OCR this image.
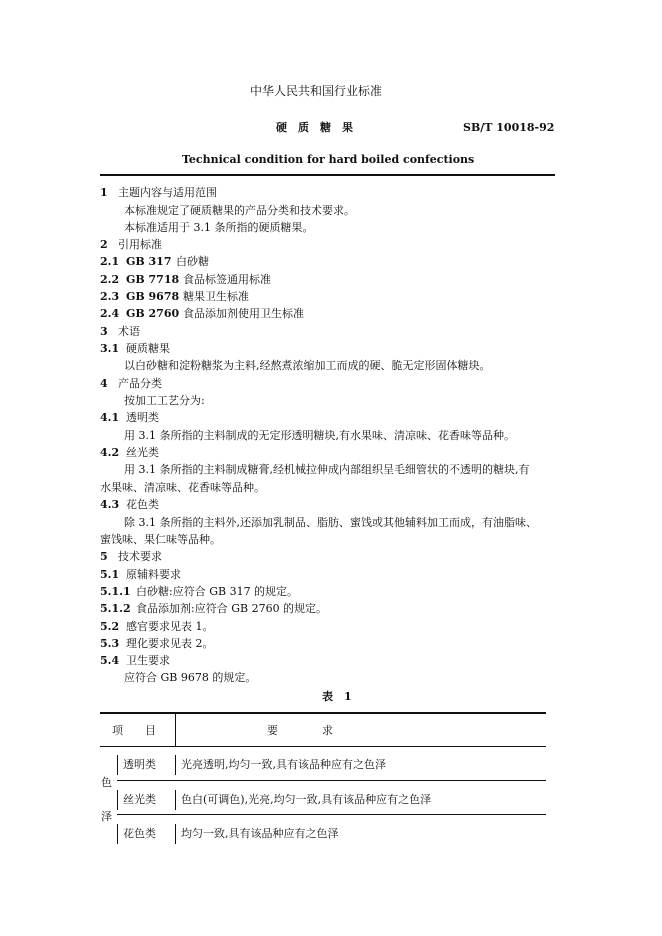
中华人民共和国行业标准
硬　质　糖　果	SB/T 10018-92
Technical condition for hard boiled confections
1 主题内容与适用范围
本标准规定了硬质糖果的产品分类和技术要求。
本标准适用于 3.1 条所指的硬质糖果。
2 引用标准
2.1 GB 317 白砂糖
2.2 GB 7718 食品标签通用标准
2.3 GB 9678 糖果卫生标准
2.4 GB 2760 食品添加剂使用卫生标准
3 术语
3.1 硬质糖果
以白砂糖和淀粉糖浆为主料,经熬煮浓缩加工而成的硬、脆无定形固体糖块。
4 产品分类
按加工工艺分为:
4.1 透明类
用 3.1 条所指的主料制成的无定形透明糖块,有水果味、清凉味、花香味等品种。
4.2 丝光类
用 3.1 条所指的主料制成糖膏,经机械拉伸成内部组织呈毛细管状的不透明的糖块,有
水果味、清凉味、花香味等品种。
4.3 花色类
除 3.1 条所指的主料外,还添加乳制品、脂肪、蜜饯或其他辅料加工而成，有油脂味、
蜜饯味、果仁味等品种。
5 技术要求
5.1 原辅料要求
5.1.1 白砂糖:应符合 GB 317 的规定。
5.1.2 食品添加剂:应符合 GB 2760 的规定。
5.2 感官要求见表 1。
5.3 理化要求见表 2。
5.4 卫生要求
应符合 GB 9678 的规定。
表　1
项　　目	要　　　　求
透明类 光亮透明,均匀一致,具有该品种应有之色泽
色
丝光类 色白(可调色),光亮,均匀一致,具有该品种应有之色泽
泽
花色类 均匀一致,具有该品种应有之色泽
